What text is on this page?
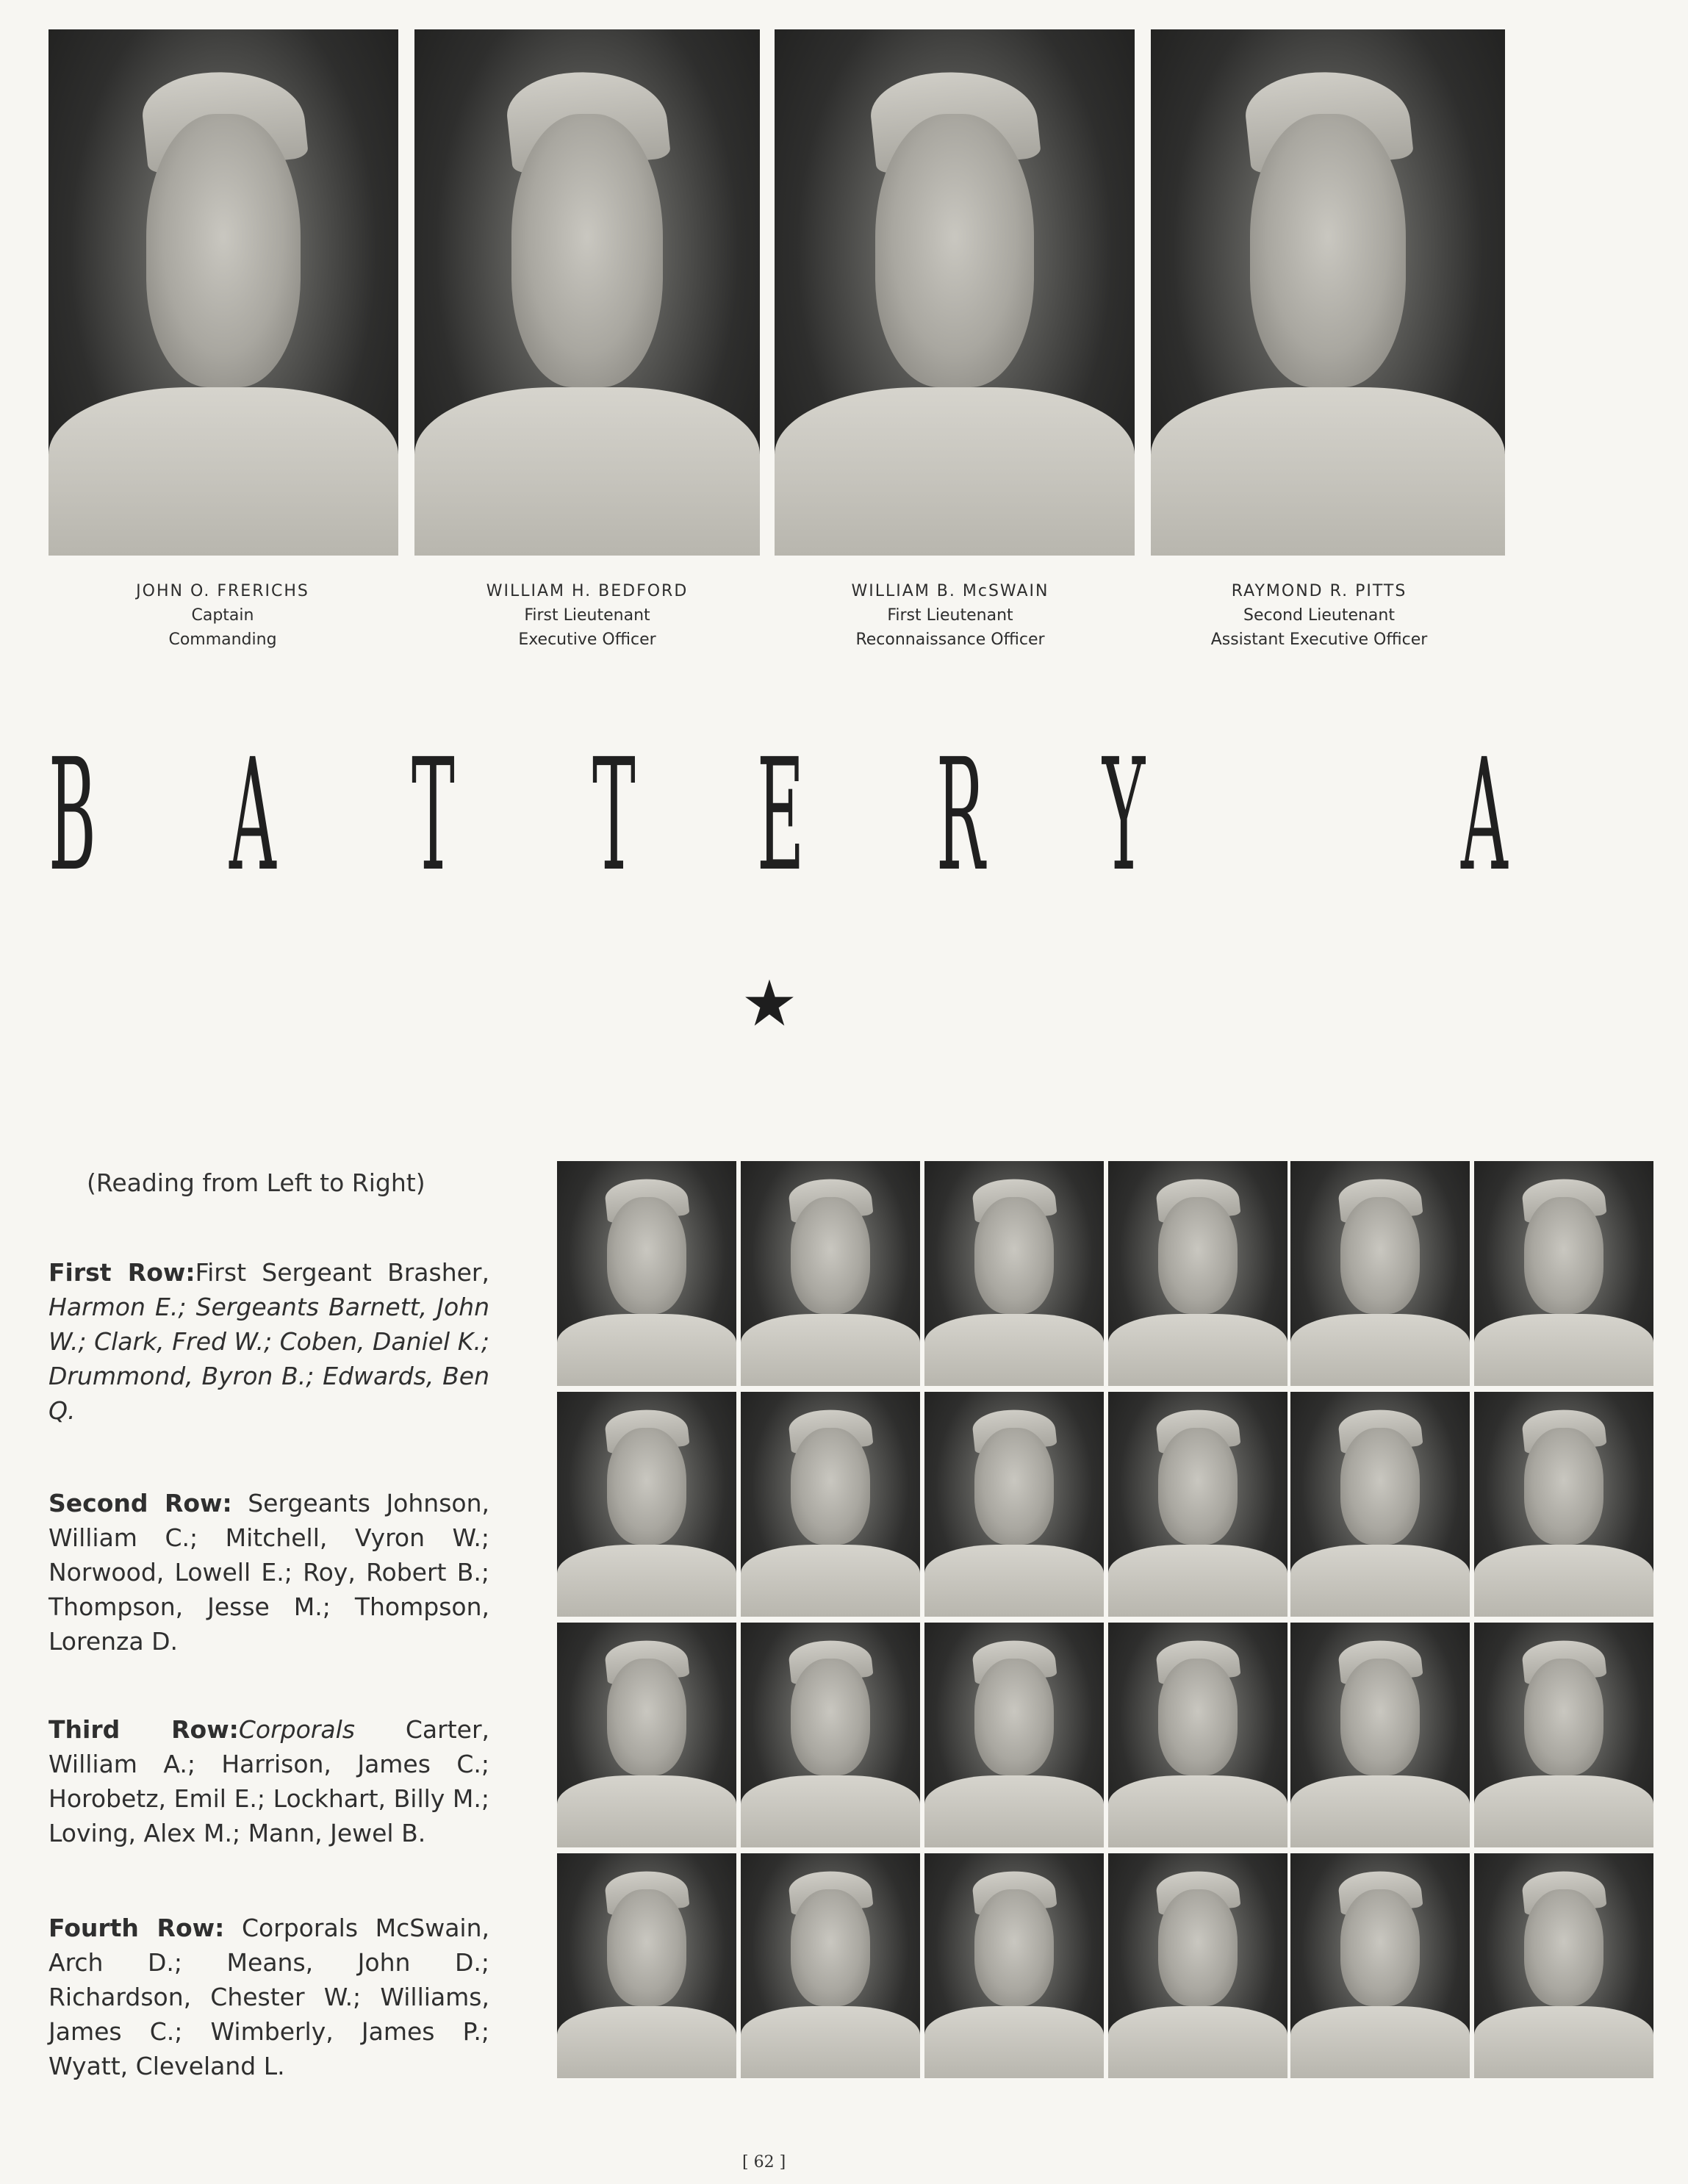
JOHN O. FRERICHS
Captain
Commanding
WILLIAM H. BEDFORD
First Lieutenant
Executive Officer
WILLIAM B. McSWAIN
First Lieutenant
Reconnaissance Officer
RAYMOND R. PITTS
Second Lieutenant
Assistant Executive Officer
B A T T E R Y A
(Reading from Left to Right)
First Row:First Sergeant Brasher, Harmon E.; Sergeants Barnett, John W.; Clark, Fred W.; Coben, Daniel K.; Drummond, Byron B.; Edwards, Ben Q.
Second Row: Sergeants Johnson, William C.; Mitchell, Vyron W.; Norwood, Lowell E.; Roy, Robert B.; Thompson, Jesse M.; Thompson, Lorenza D.
Third Row:Corporals Carter, William A.; Harrison, James C.; Horobetz, Emil E.; Lockhart, Billy M.; Loving, Alex M.; Mann, Jewel B.
Fourth Row: Corporals McSwain, Arch D.; Means, John D.; Richardson, Chester W.; Williams, James C.; Wimberly, James P.; Wyatt, Cleveland L.
[ 62 ]
